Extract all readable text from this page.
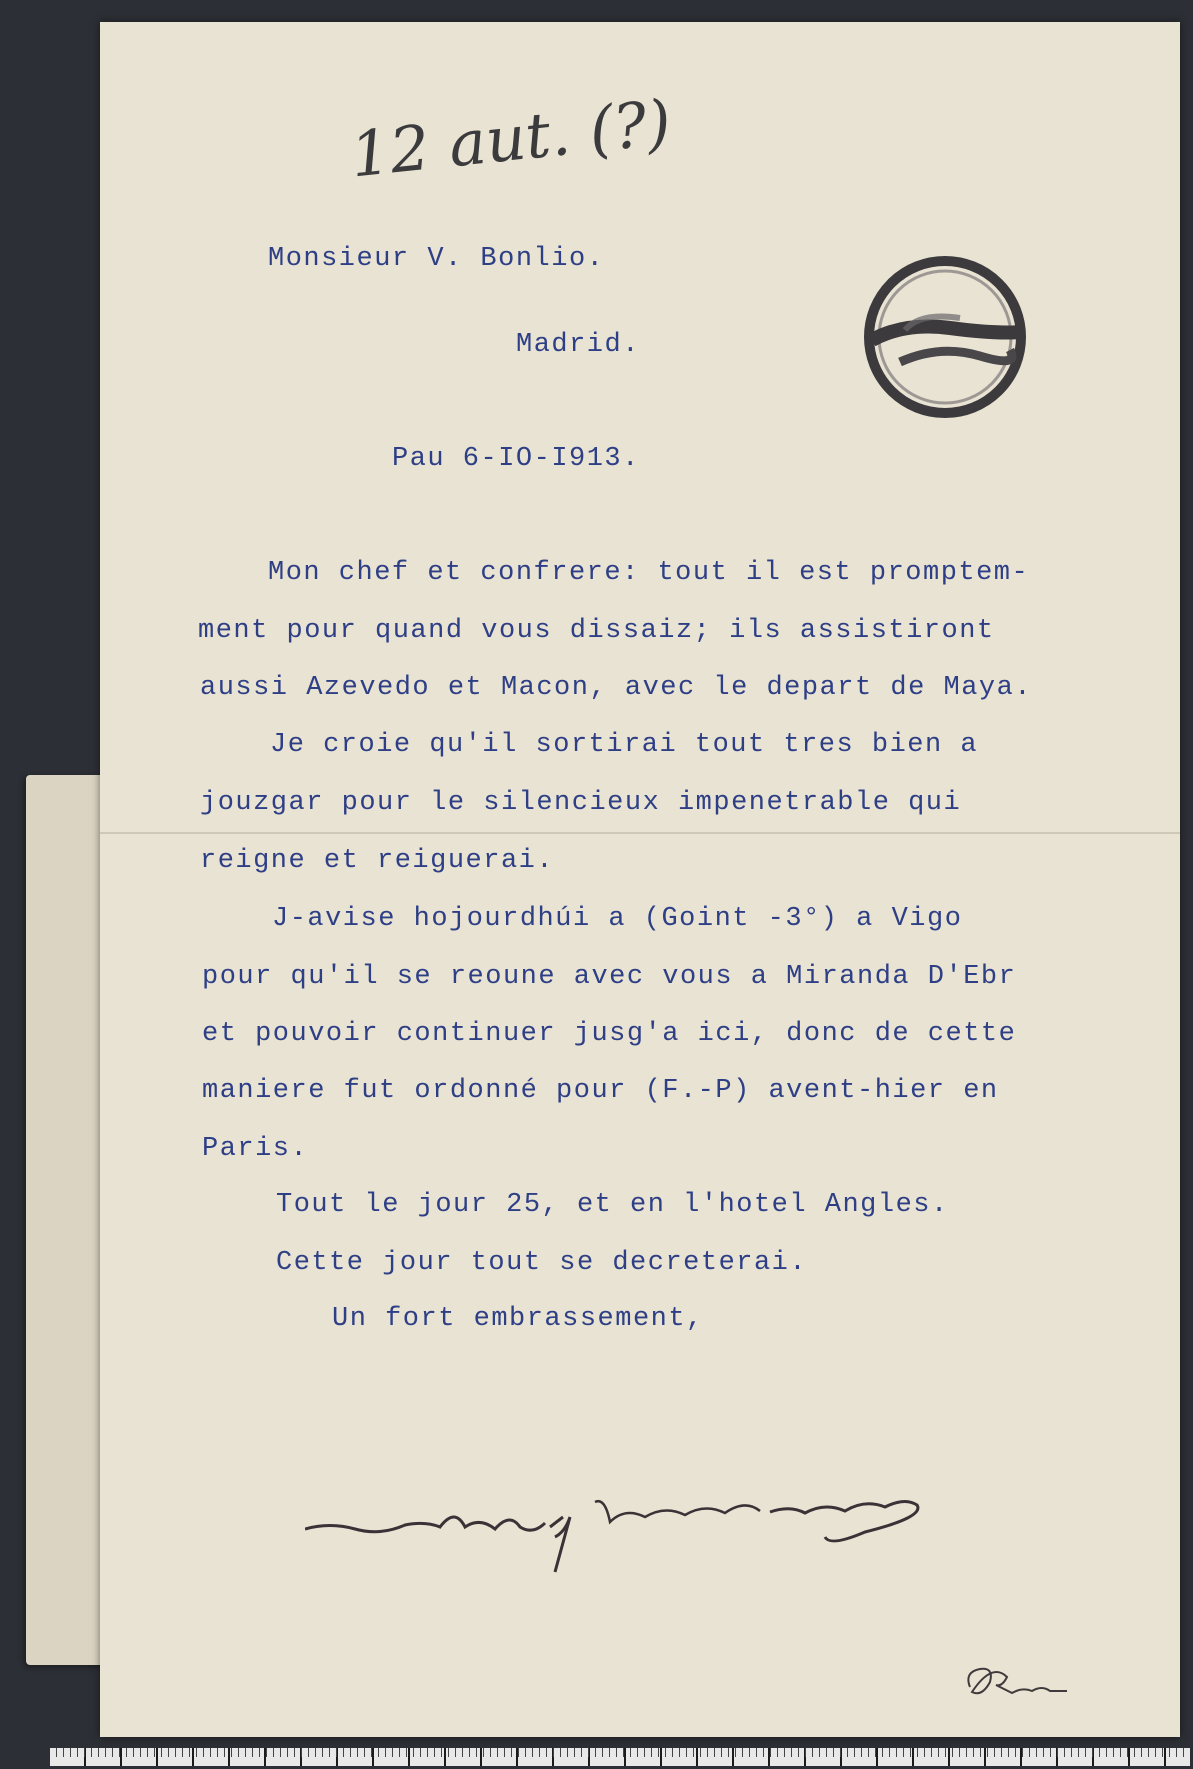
12 aut. (?)
Monsieur V. Bonlio.
Madrid.
Pau 6-IO-I913.
Mon chef et confrere: tout il est promptem-
ment pour quand vous dissaiz; ils assistiront
aussi Azevedo et Macon, avec le depart de Maya.
Je croie qu'il sortirai tout tres bien a
jouzgar pour le silencieux impenetrable qui
reigne et reiguerai.
J-avise hojourdhúi a (Goint -3°) a Vigo
pour qu'il se reoune avec vous a Miranda D'Ebr
et pouvoir continuer jusg'a ici, donc de cette
maniere fut ordonné pour (F.-P) avent-hier en
Paris.
Tout le jour 25, et en l'hotel Angles.
Cette jour tout se decreterai.
Un fort embrassement,
